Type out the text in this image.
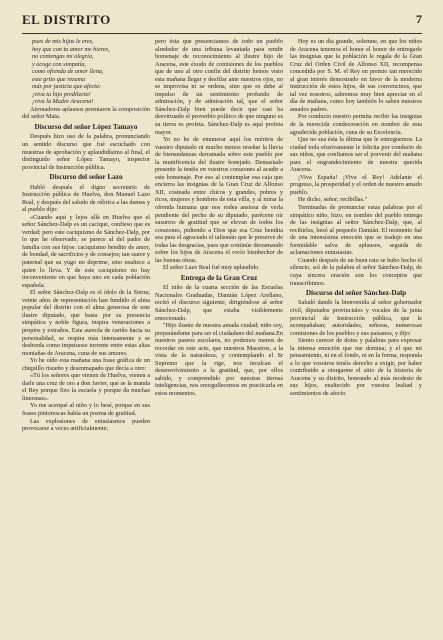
EL DISTRITO	7

pues de mis hijas le eres,

hoy que con tu amor me hieres,

no contengas mi alegría,

y acoge con simpatía,

como ofrenda de amor llena,

este grito que rezuma

más por justicia que afecto:

¡viva tu hijo predilecto!

¡viva la Madre Aracena!

Atronadores aplausos premiaron la composición del señor Mata.

Discurso del señor López Tamayo

Después hizo uso de la palabra, pronunciando un sentido discurso que fué escuchado con muestras de aprobación y aplaudidísimo al final, el distinguido señor López Tamayo, inspector provincial de Instrucción pública.

Discurso del señor Lazo

Habló después el digno secretario de Instrucción pública de Huelva, don Manuel Lazo Real, y después del saludo de rúbrica a las damas y al pueblo dijo:

«Cuando aquí y lejos allá en Huelva que el señor Sánchez-Dalp es un cacique, confieso que es verdad; pero este caciquismo de Sánchez-Dalp, por lo que he observado, se parece al del padre de familia con sus hijos: caciquismo bendito de amor, de bondad, de sacrificios y de consejos; tan suave y paternal que su yugo no deprime, sino enaltece a quien lo lleva. Y de este caciquismo no hay inconveniente en que haya uno en cada población española.

El señor Sánchez-Dalp es el ídolo de la Sierra; veinte años de representación han fundido el alma popular del distrito con el alma generosa de este ilustre diputado, que basta por su presencia simpática y noble figura, inspira veneraciones a propios y extraños. Esta aureola de cariño hacia su personalidad, se respira más intensamente y se desborda como impetuoso torrente entre estas altas montañas de Aracena, cuna de sus amores.

Yo he oído esta mañana una frase gráfica de un chiquillo risueño y desenmapado que decía a otro:

«Tú los señores que vienen de Huelva, vienen a darle una cruz de oro a don Javier, que se la manda el Rey porque fizo la escuela y porque da muchas limosnas».

Yo me acerqué al niño y lo besé, porque en sus frases pintorescas había un poema de gratitud.

Las explosiones de entusiasmos pueden provocarse a veces artificialmente;

pero ésta que presenciamos de todo un pueblo alrededor de una tribuna levantada para rendir homenaje de reconocimiento al ilustre hijo de Aracena, este éxodo de comisiones de los pueblos que de uno al otro confín del distrito hemos visto esta mañana llegar y desfilar ante nuestros ojos, no se improvisa ni se ordena, sino que es debe al impulso de un sentimiento profundo de admiración, y de admiración tal, que el señor Sánchez-Dalp bien puede decir que casi ha desvirtuado el proverbio político de que ninguno es su tierra es profeta. Sánchez-Dalp es aquí profeta mayor.

Yo no he de enumerar aquí los méritos de vuestro diputado ni mucho menos reseñar la lluvia de bienandanzas derramada sobre este pueblo por la munificencia del ilustre festejado. Demasiado presente la tenéis en vuestros corazones al acudir a este homenaje. Por eso al contemplar esa caja que encierra las insignias de la Gran Cruz de Alfonso XII, costeada entre chicos y grandes, pobres y ricos, mujeres y hombres de esta villa, y al mirar la ofrenda humana que nos rodea ansiosa de verla pendiente del pecho de su diputado, parécene oír susurros de gratitud que se elevan de todos los corazones, pidiendo a Dios que esa Cruz bendita sea para el agraciado el talismán que le preserve de todas las desgracias, para que continúe derramando sobre los hijos de Aracena el rocío bienhechor de las buenas obras.

El señor Lazo Real fué muy aplaudido.

Entrega de la Gran Cruz

El niño de la cuarta sección de las Escuelas Nacionales Graduadas, Damián López Arellano, recitó el discurso siguiente, dirigiéndose al señor Sánchez-Dalp, que estaba visiblemente emocionado.

"Hijo ilustre de nuestra amada ciudad; niño soy, preparándome para ser el ciudadano del mañana.En nuestros paseos escolares, no podemos menos de recordar en este acto, que nuestros Maestros, a la vista de la naturaleza, y contemplando el Sr Supremo que la rige, nos inculcan el desenvolvimiento a la gratitud, que, por ellos sabido, y comprendido por nuestras tiernas inteligencias, nos enorgullecemos en practicarla en estos momentos.

Hoy es un día grande, solemne, en que los niños de Aracena tenemos el honor el honor de entregarle las insignias que la población le regala de la Gran Cruz del Orden Civil de Alfonso XII, recompensa concedida por S. M. el Rey en premio tan merecido al gran interés demostrado en favor de la moderna instrucción de estos hijos, de sus convencinos, que tal vez nosotros, sabremos muy bien apreciar en el día de mañana, como hoy también lo saben nuestros amados padres.

Por conducto nuestro permita recibir las insignias de la merecida condecoración en nombre de esta agradecida población, cuna de su Excelencia.

Que no sea ésta la última que le entreguemos. La ciudad toda efusivamente le felicita por conducto de sus niños, que confiamos ser el porvenir del mañana para el engrandecimiento de nuestra querida Aracena.

¡Viva España! ¡Viva el Rey! Adelante el progreso, la prosperidad y el orden de nuestro amado pueblo.

He dicho, señor; recíbillas."

Terminadas de pronunciar estas palabras por el simpático niño, hizo, en nombre del pueblo entrega de las insignias al señor Sánchez-Dalp, que, al recibirlas, besó al pequeño Damián. El momento fué de una intensísima emoción que se tradujo en una formidable salva de aplausos, seguida de aclamaciones entusiastas.

Cuando después de un buen rato se hubo hecho el silencio, sol de la palabra el señor Sánchez-Dalp, de cuya sincera oración son los conceptos que transcribimos.

Discurso del señor Sánchez-Dalp

Saludó dando la bienvenida al señor gobernador civil, diputados provinciales y vocales de la junta provincial de Instrucción pública, que le acompañaban; autoridades, señoras, numerosas comisiones de los pueblos y sus paisanos, y dijo:

Siento carecer de dotes y palabras para expresar la intensa emoción que me domina; y el que mi pensamiento, ni en el fondo, ni en la forma, responda a lo que vosotros tenéis derecho a exigir, por haber contribuido a otorgarme el sitio de la historia de Aracena y su distrito, honrando al más modesto de sus hijos, enaltecido por vuestra lealtad y sentimientos de afecto.
